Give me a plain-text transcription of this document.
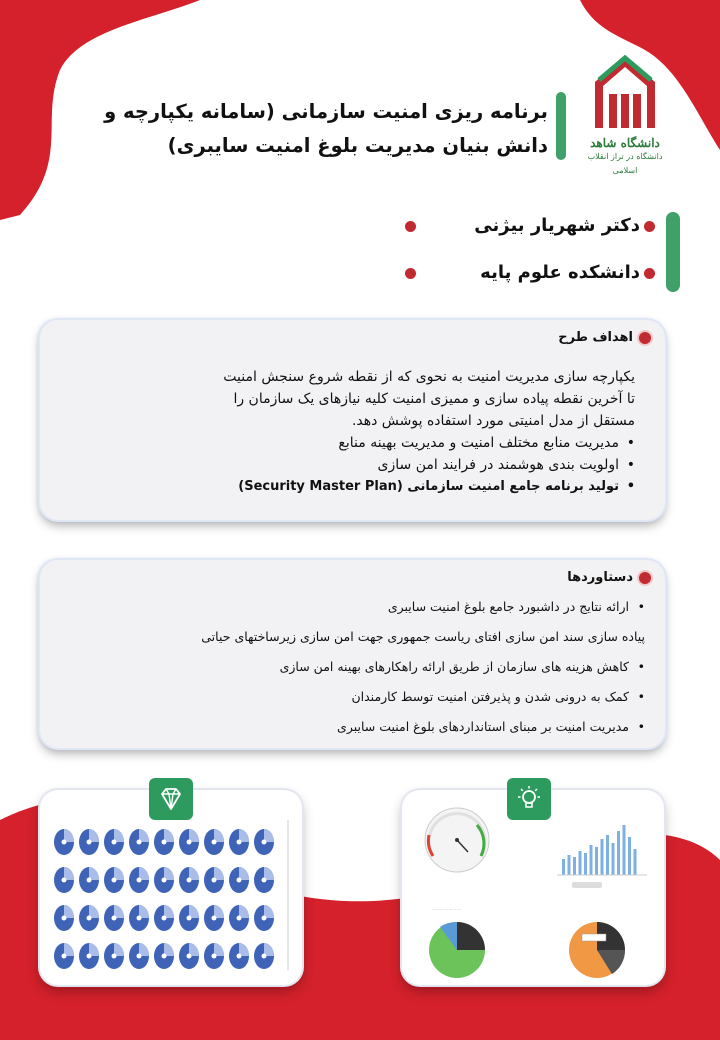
دانشگاه شاهد
دانشگاه در تراز انقلاب اسلامی
برنامه ریزی امنیت سازمانی (سامانه یکپارچه و دانش بنیان مدیریت بلوغ امنیت سایبری)
دکتر شهریار بیژنی
دانشکده علوم پایه
اهداف طرح
یکپارچه سازی مدیریت امنیت به نحوی که از نقطه شروع سنجش امنیت
تا آخرین نقطه پیاده سازی و ممیزی امنیت کلیه نیازهای یک سازمان را
مستقل از مدل امنیتی مورد استفاده پوشش دهد.
• مدیریت منابع مختلف امنیت و مدیریت بهینه منابع
• اولویت بندی هوشمند در فرایند امن سازی
• تولید برنامه جامع امنیت سازمانی (Security Master Plan)
دستاوردها
• ارائه نتایج در داشبورد جامع بلوغ امنیت سایبری
پیاده سازی سند امن سازی افتای ریاست جمهوری جهت امن سازی زیرساختهای حیاتی
• کاهش هزینه های سازمان از طریق ارائه راهکارهای بهینه امن سازی
• کمک به درونی شدن و پذیرفتن امنیت توسط کارمندان
• مدیریت امنیت بر مبنای استانداردهای بلوغ امنیت سایبری
.......................
